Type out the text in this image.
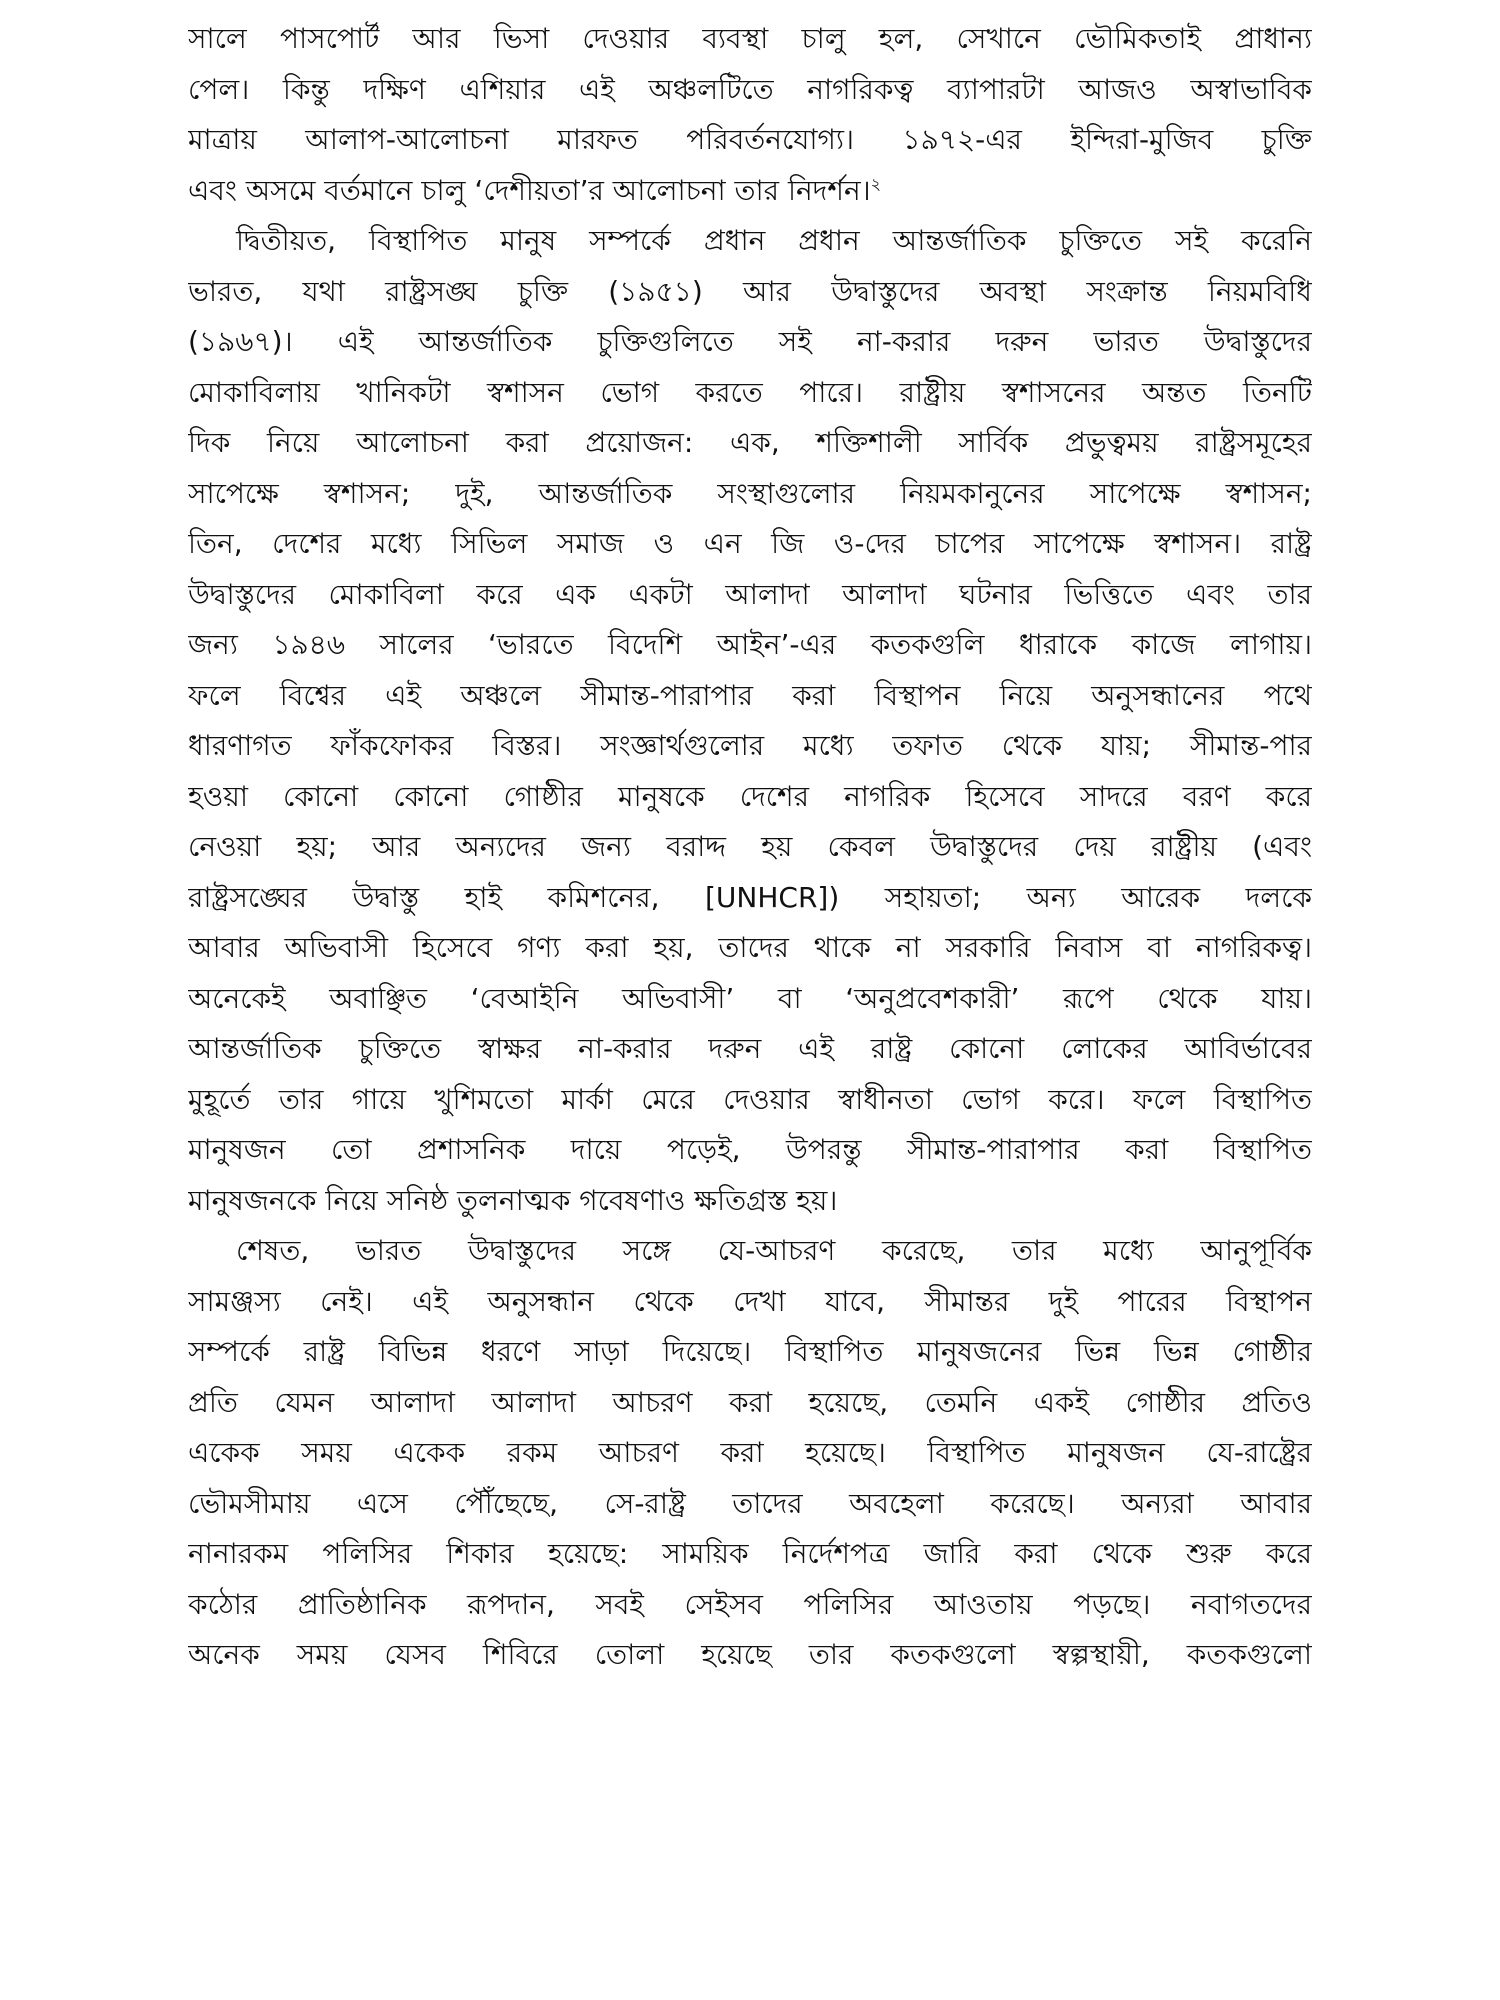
সালে পাসপোর্ট আর ভিসা দেওয়ার ব্যবস্থা চালু হল, সেখানে ভৌমিকতাই প্রাধান্য
পেল। কিন্তু দক্ষিণ এশিয়ার এই অঞ্চলটিতে নাগরিকত্ব ব্যাপারটা আজও অস্বাভাবিক
মাত্রায় আলাপ-আলোচনা মারফত পরিবর্তনযোগ্য। ১৯৭২-এর ইন্দিরা-মুজিব চুক্তি
এবং অসমে বর্তমানে চালু ‘দেশীয়তা’র আলোচনা তার নিদর্শন।$^২$
দ্বিতীয়ত, বিস্থাপিত মানুষ সম্পর্কে প্রধান প্রধান আন্তর্জাতিক চুক্তিতে সই করেনি
ভারত, যথা রাষ্ট্রসঙ্ঘ চুক্তি (১৯৫১) আর উদ্বাস্তুদের অবস্থা সংক্রান্ত নিয়মবিধি
(১৯৬৭)। এই আন্তর্জাতিক চুক্তিগুলিতে সই না-করার দরুন ভারত উদ্বাস্তুদের
মোকাবিলায় খানিকটা স্বশাসন ভোগ করতে পারে। রাষ্ট্রীয় স্বশাসনের অন্তত তিনটি
দিক নিয়ে আলোচনা করা প্রয়োজন: এক, শক্তিশালী সার্বিক প্রভুত্বময় রাষ্ট্রসমূহের
সাপেক্ষে স্বশাসন; দুই, আন্তর্জাতিক সংস্থাগুলোর নিয়মকানুনের সাপেক্ষে স্বশাসন;
তিন, দেশের মধ্যে সিভিল সমাজ ও এন জি ও-দের চাপের সাপেক্ষে স্বশাসন। রাষ্ট্র
উদ্বাস্তুদের মোকাবিলা করে এক একটা আলাদা আলাদা ঘটনার ভিত্তিতে এবং তার
জন্য ১৯৪৬ সালের ‘ভারতে বিদেশি আইন’-এর কতকগুলি ধারাকে কাজে লাগায়।
ফলে বিশ্বের এই অঞ্চলে সীমান্ত-পারাপার করা বিস্থাপন নিয়ে অনুসন্ধানের পথে
ধারণাগত ফাঁকফোকর বিস্তর। সংজ্ঞার্থগুলোর মধ্যে তফাত থেকে যায়; সীমান্ত-পার
হওয়া কোনো কোনো গোষ্ঠীর মানুষকে দেশের নাগরিক হিসেবে সাদরে বরণ করে
নেওয়া হয়; আর অন্যদের জন্য বরাদ্দ হয় কেবল উদ্বাস্তুদের দেয় রাষ্ট্রীয় (এবং
রাষ্ট্রসঙ্ঘের উদ্বাস্তু হাই কমিশনের, [UNHCR]) সহায়তা; অন্য আরেক দলকে
আবার অভিবাসী হিসেবে গণ্য করা হয়, তাদের থাকে না সরকারি নিবাস বা নাগরিকত্ব।
অনেকেই অবাঞ্ছিত ‘বেআইনি অভিবাসী’ বা ‘অনুপ্রবেশকারী’ রূপে থেকে যায়।
আন্তর্জাতিক চুক্তিতে স্বাক্ষর না-করার দরুন এই রাষ্ট্র কোনো লোকের আবির্ভাবের
মুহূর্তে তার গায়ে খুশিমতো মার্কা মেরে দেওয়ার স্বাধীনতা ভোগ করে। ফলে বিস্থাপিত
মানুষজন তো প্রশাসনিক দায়ে পড়েই, উপরন্তু সীমান্ত-পারাপার করা বিস্থাপিত
মানুষজনকে নিয়ে সনিষ্ঠ তুলনাত্মক গবেষণাও ক্ষতিগ্রস্ত হয়।
শেষত, ভারত উদ্বাস্তুদের সঙ্গে যে-আচরণ করেছে, তার মধ্যে আনুপূর্বিক
সামঞ্জস্য নেই। এই অনুসন্ধান থেকে দেখা যাবে, সীমান্তর দুই পারের বিস্থাপন
সম্পর্কে রাষ্ট্র বিভিন্ন ধরণে সাড়া দিয়েছে। বিস্থাপিত মানুষজনের ভিন্ন ভিন্ন গোষ্ঠীর
প্রতি যেমন আলাদা আলাদা আচরণ করা হয়েছে, তেমনি একই গোষ্ঠীর প্রতিও
একেক সময় একেক রকম আচরণ করা হয়েছে। বিস্থাপিত মানুষজন যে-রাষ্ট্রের
ভৌমসীমায় এসে পৌঁছেছে, সে-রাষ্ট্র তাদের অবহেলা করেছে। অন্যরা আবার
নানারকম পলিসির শিকার হয়েছে: সাময়িক নির্দেশপত্র জারি করা থেকে শুরু করে
কঠোর প্রাতিষ্ঠানিক রূপদান, সবই সেইসব পলিসির আওতায় পড়ছে। নবাগতদের
অনেক সময় যেসব শিবিরে তোলা হয়েছে তার কতকগুলো স্বল্পস্থায়ী, কতকগুলো
